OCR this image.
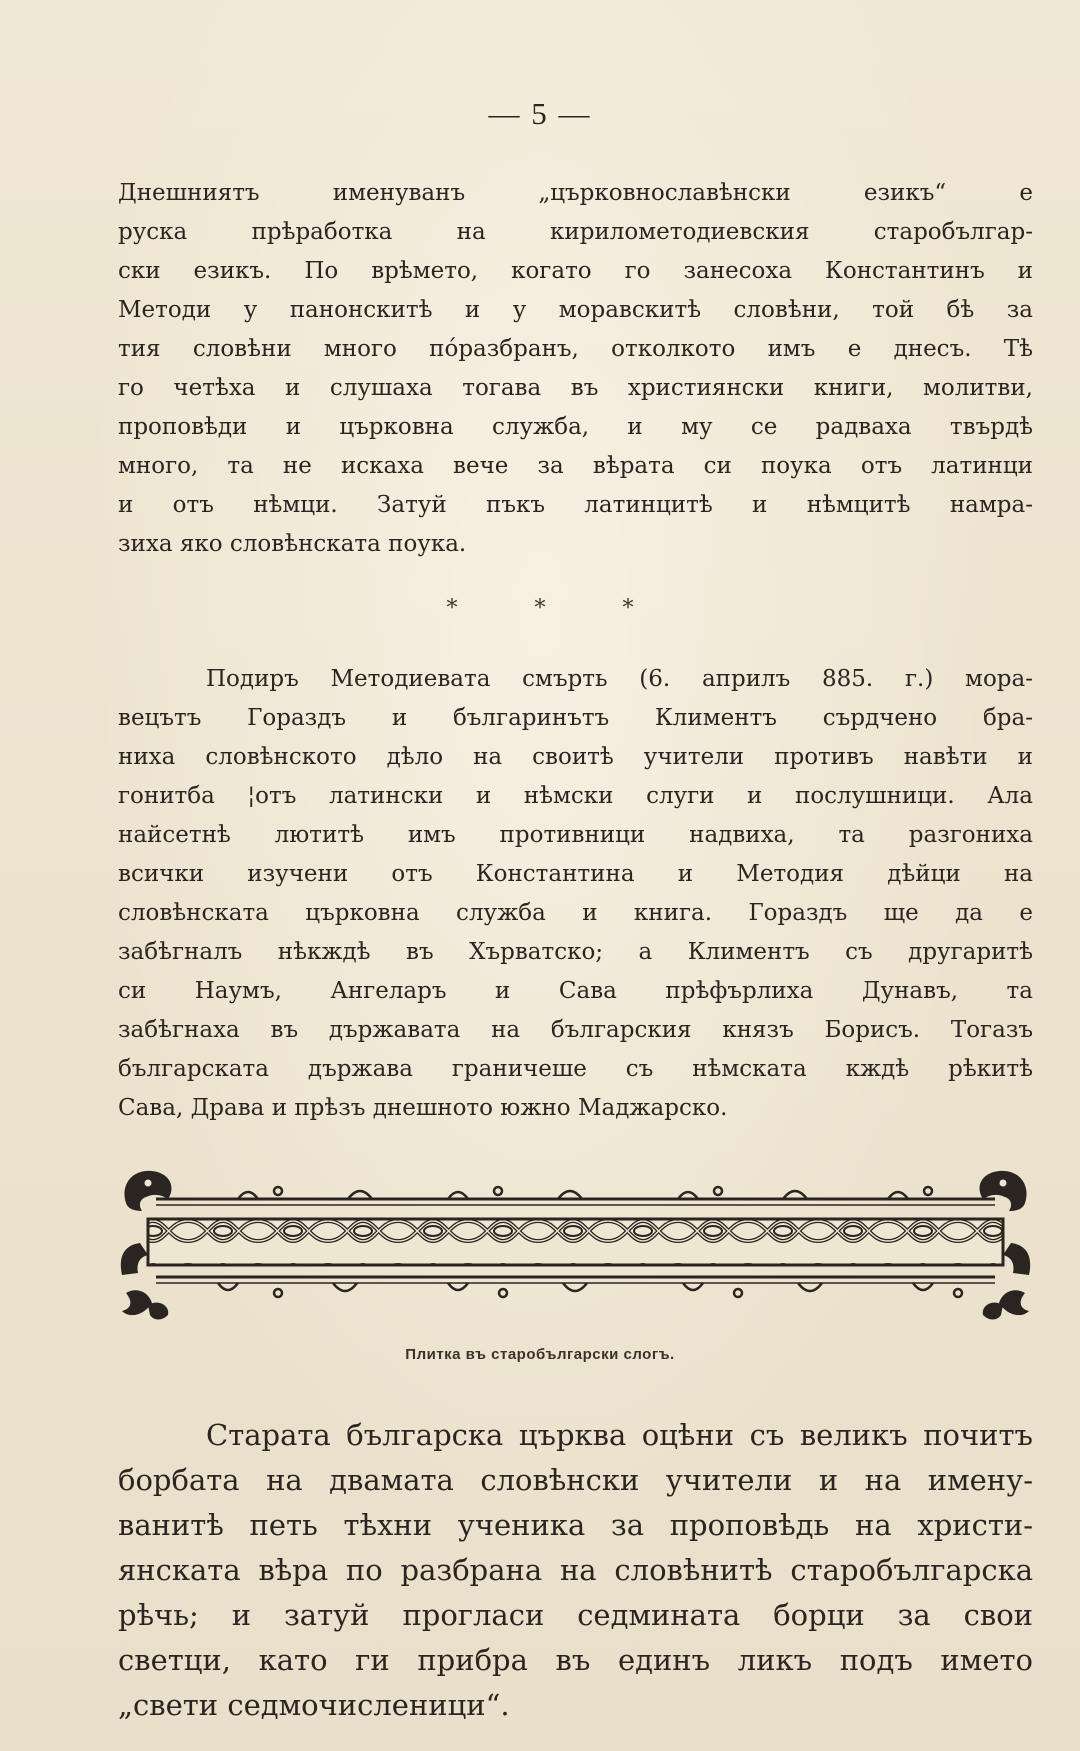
— 5 —
Днешниятъ именуванъ „църковнославѣнски езикъ“ е
руска прѣработка на кирилометодиевския старобългар-
ски езикъ. По врѣмето, когато го занесоха Константинъ и
Методи у панонскитѣ и у моравскитѣ словѣни, той бѣ за
тия словѣни много по́разбранъ, отколкото имъ е днесъ. Тѣ
го четѣха и слушаха тогава въ християнски книги, молитви,
проповѣди и църковна служба, и му се радваха твърдѣ
много, та не искаха вече за вѣрата си поука отъ латинци
и отъ нѣмци. Затуй пъкъ латинцитѣ и нѣмцитѣ намра-
зиха яко словѣнската поука.
* * *
Подиръ Методиевата смърть (6. априлъ 885. г.) мора-
вецътъ Гораздъ и българинътъ Климентъ сърдчено бра-
ниха словѣнското дѣло на своитѣ учители противъ навѣти и
гонитба ¦отъ латински и нѣмски слуги и послушници. Ала
найсетнѣ лютитѣ имъ противници надвиха, та разгониха
всички изучени отъ Константина и Методия дѣйци на
словѣнската църковна служба и книга. Гораздъ ще да е
забѣгналъ нѣкждѣ въ Хърватско; а Климентъ съ другаритѣ
си Наумъ, Ангеларъ и Сава прѣфърлиха Дунавъ, та
забѣгнаха въ държавата на българския князъ Борисъ. Тогазъ
българската държава граничеше съ нѣмската кждѣ рѣкитѣ
Сава, Драва и прѣзъ днешното южно Маджарско.
Плитка въ старобългарски слогъ.
Старата българска църква оцѣни съ великъ почитъ
борбата на двамата словѣнски учители и на имену-
ванитѣ петь тѣхни ученика за проповѣдь на христи-
янската вѣра по разбрана на словѣнитѣ старобългарска
рѣчь; и затуй прогласи седмината борци за свои
светци, като ги прибра въ единъ ликъ подъ името
„свети седмочисленици“.
